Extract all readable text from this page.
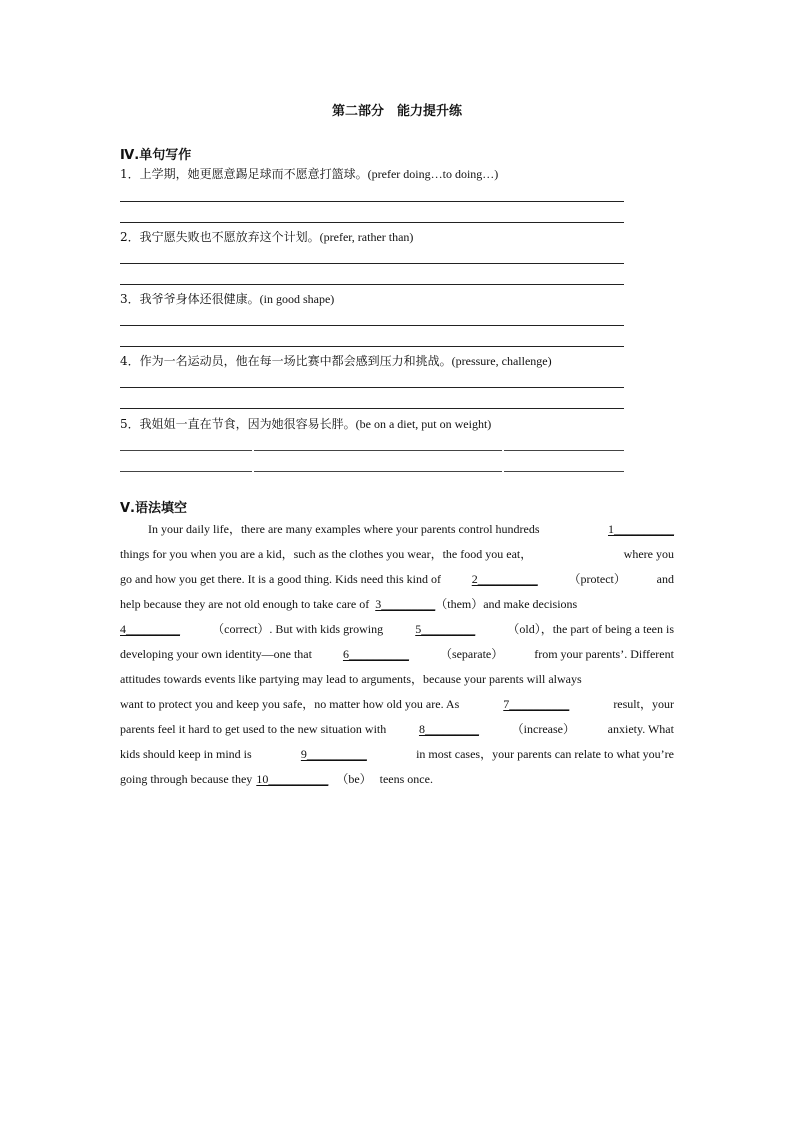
第二部分　能力提升练
Ⅳ.单句写作
1．上学期，她更愿意踢足球而不愿意打篮球。(prefer doing…to doing…)
2．我宁愿失败也不愿放弃这个计划。(prefer, rather than)
3．我爷爷身体还很健康。(in good shape)
4．作为一名运动员，他在每一场比赛中都会感到压力和挑战。(pressure, challenge)
5．我姐姐一直在节食，因为她很容易长胖。(be on a diet, put on weight)
Ⅴ.语法填空
In your daily life，there are many examples where your parents control hundreds	1__________
things for you when you are a kid，such as the clothes you wear，the food you eat，	where you
go and how you get there. It is a good thing. Kids need this kind of	2__________	（protect）	and
help because they are not old enough to take care of 3_________ （them）and make decisions
4_________	（correct）. But with kids growing	5_________	（old），the part of being a teen is
developing your own identity—one that	6__________	（separate）	from your parents’. Different
attitudes towards events like partying may lead to arguments，because your parents will always
want to protect you and keep you safe，no matter how old you are. As	7__________	result，your
parents feel it hard to get used to the new situation with	8_________	（increase）	anxiety. What
kids should keep in mind is	9__________	in most cases，your parents can relate to what you’re
going through because they 10__________ （be） teens once.
